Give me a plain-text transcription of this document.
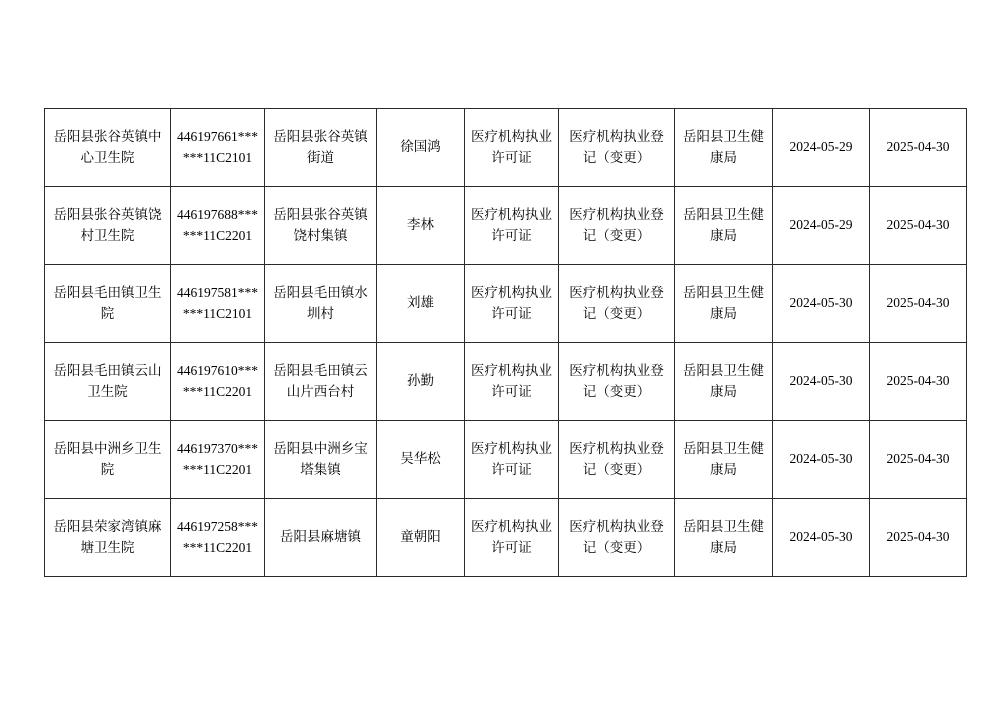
岳阳县张谷英镇中心卫生院	446197661******11C2101	岳阳县张谷英镇街道	徐国鸿	医疗机构执业许可证	医疗机构执业登记（变更）	岳阳县卫生健康局	2024-05-29	2025-04-30
岳阳县张谷英镇饶村卫生院	446197688******11C2201	岳阳县张谷英镇饶村集镇	李林	医疗机构执业许可证	医疗机构执业登记（变更）	岳阳县卫生健康局	2024-05-29	2025-04-30
岳阳县毛田镇卫生院	446197581******11C2101	岳阳县毛田镇水圳村	刘雄	医疗机构执业许可证	医疗机构执业登记（变更）	岳阳县卫生健康局	2024-05-30	2025-04-30
岳阳县毛田镇云山卫生院	446197610******11C2201	岳阳县毛田镇云山片西台村	孙勤	医疗机构执业许可证	医疗机构执业登记（变更）	岳阳县卫生健康局	2024-05-30	2025-04-30
岳阳县中洲乡卫生院	446197370******11C2201	岳阳县中洲乡宝塔集镇	吴华松	医疗机构执业许可证	医疗机构执业登记（变更）	岳阳县卫生健康局	2024-05-30	2025-04-30
岳阳县荣家湾镇麻塘卫生院	446197258******11C2201	岳阳县麻塘镇	童朝阳	医疗机构执业许可证	医疗机构执业登记（变更）	岳阳县卫生健康局	2024-05-30	2025-04-30
